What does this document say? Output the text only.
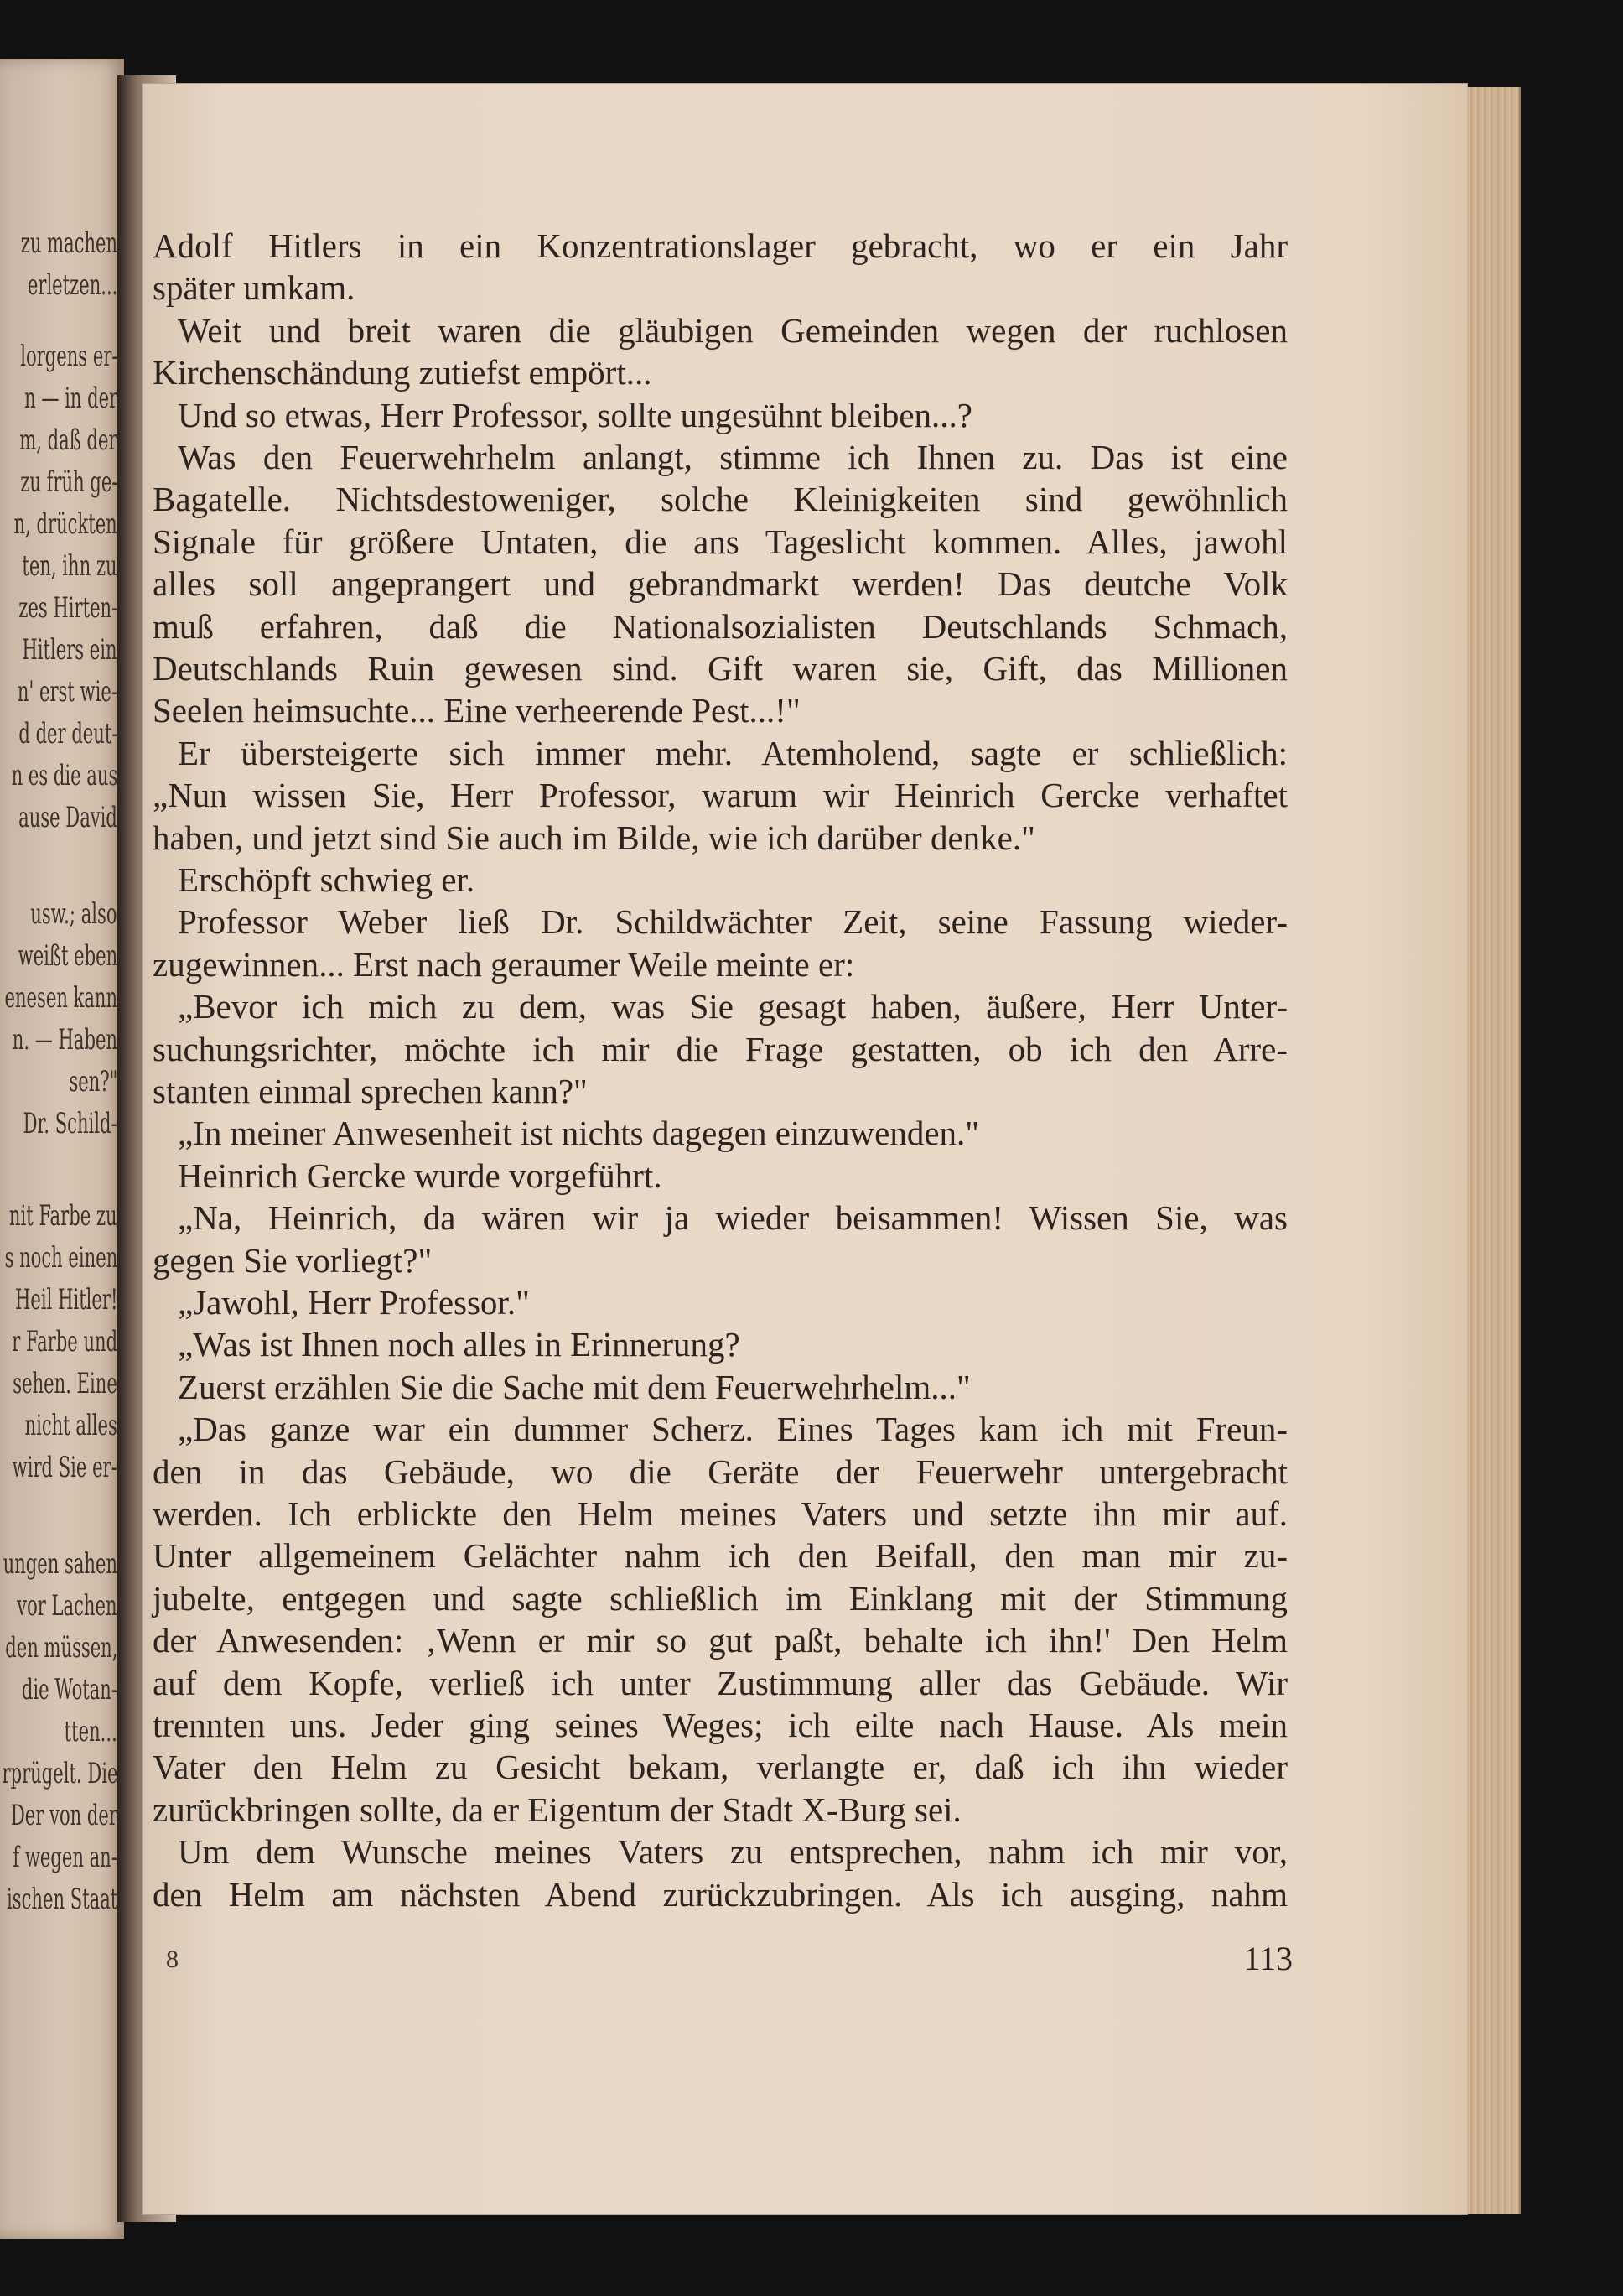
zu machen
erletzen...
lorgens er-
n — in der
m, daß der
zu früh ge-
n, drückten
ten, ihn zu
zes Hirten-
Hitlers ein
n' erst wie-
d der deut-
n es die aus
ause David
usw.; also
weißt eben
enesen kann
n. — Haben
sen?"
Dr. Schild-
nit Farbe zu
s noch einen
Heil Hitler!
r Farbe und
sehen. Eine
nicht alles
wird Sie er-
ungen sahen
vor Lachen
den müssen,
die Wotan-
tten...
rprügelt. Die
Der von der
f wegen an-
ischen Staat
Adolf Hitlers in ein Konzentrationslager gebracht, wo er ein Jahr
später umkam.
Weit und breit waren die gläubigen Gemeinden wegen der ruchlosen
Kirchenschändung zutiefst empört...
Und so etwas, Herr Professor, sollte ungesühnt bleiben...?
Was den Feuerwehrhelm anlangt, stimme ich Ihnen zu. Das ist eine
Bagatelle. Nichtsdestoweniger, solche Kleinigkeiten sind gewöhnlich
Signale für größere Untaten, die ans Tageslicht kommen. Alles, jawohl
alles soll angeprangert und gebrandmarkt werden! Das deutche Volk
muß erfahren, daß die Nationalsozialisten Deutschlands Schmach,
Deutschlands Ruin gewesen sind. Gift waren sie, Gift, das Millionen
Seelen heimsuchte... Eine verheerende Pest...!"
Er übersteigerte sich immer mehr. Atemholend, sagte er schließlich:
„Nun wissen Sie, Herr Professor, warum wir Heinrich Gercke verhaftet
haben, und jetzt sind Sie auch im Bilde, wie ich darüber denke."
Erschöpft schwieg er.
Professor Weber ließ Dr. Schildwächter Zeit, seine Fassung wieder-
zugewinnen... Erst nach geraumer Weile meinte er:
„Bevor ich mich zu dem, was Sie gesagt haben, äußere, Herr Unter-
suchungsrichter, möchte ich mir die Frage gestatten, ob ich den Arre-
stanten einmal sprechen kann?"
„In meiner Anwesenheit ist nichts dagegen einzuwenden."
Heinrich Gercke wurde vorgeführt.
„Na, Heinrich, da wären wir ja wieder beisammen! Wissen Sie, was
gegen Sie vorliegt?"
„Jawohl, Herr Professor."
„Was ist Ihnen noch alles in Erinnerung?
Zuerst erzählen Sie die Sache mit dem Feuerwehrhelm..."
„Das ganze war ein dummer Scherz. Eines Tages kam ich mit Freun-
den in das Gebäude, wo die Geräte der Feuerwehr untergebracht
werden. Ich erblickte den Helm meines Vaters und setzte ihn mir auf.
Unter allgemeinem Gelächter nahm ich den Beifall, den man mir zu-
jubelte, entgegen und sagte schließlich im Einklang mit der Stimmung
der Anwesenden: ‚Wenn er mir so gut paßt, behalte ich ihn!' Den Helm
auf dem Kopfe, verließ ich unter Zustimmung aller das Gebäude. Wir
trennten uns. Jeder ging seines Weges; ich eilte nach Hause. Als mein
Vater den Helm zu Gesicht bekam, verlangte er, daß ich ihn wieder
zurückbringen sollte, da er Eigentum der Stadt X-Burg sei.
Um dem Wunsche meines Vaters zu entsprechen, nahm ich mir vor,
den Helm am nächsten Abend zurückzubringen. Als ich ausging, nahm
8	113
